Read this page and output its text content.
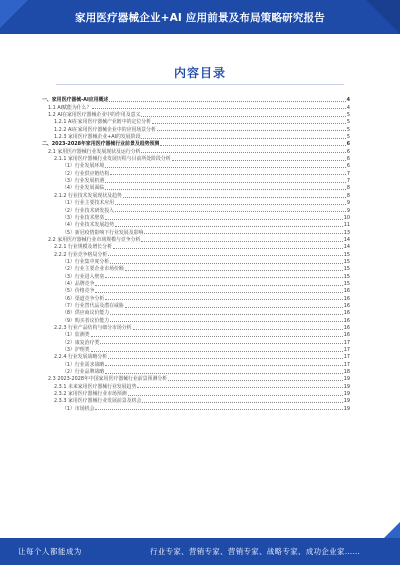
家用医疗器械企业+AI 应用前景及布局策略研究报告
内容目录
一、家用医疗器械-AI应用概述	4
1.1 AI赋能为什么？	4
1.2 AI在家用医疗器械企业中的作用及意义	5
1.2.1 AI在家用医疗器械产业链中的定位分析	5
1.2.2 AI在家用医疗器械企业中的应用场景分析	5
1.2.3 家用医疗器械企业+AI的发展阶段	5
二、2023-2028年家用医疗器械行业前景及趋势预测	6
2.1 家用医疗器械行业发展现状及运行分析	6
2.1.1 家用医疗器械行业发展历程与目前所处阶段分析	6
（1）行业发展环境	6
（2）行业供应链结构	7
（3）行业发展机遇	7
（4）行业发展面临	8
2.1.2 行业技术发展现状及趋势	8
（1）行业主要技术应用	9
（2）行业技术研发投入	9
（3）行业技术壁垒	10
（4）行业技术发展趋势	11
（5）新冠疫情影响下行业发展及影响	13
2.2 家用医疗器械行业市场规模与竞争分析	14
2.2.1 行业规模及增长分析	14
2.2.2 行业竞争格局分析	15
（1）行业集中度分析	15
（2）行业主要企业市场份额	15
（3）行业进入壁垒	15
（4）品牌竞争	15
（5）价格竞争	16
（6）渠道竞争分析	16
（7）行业替代品及潜在威胁	16
（8）供应商议价能力	16
（9）购买者议价能力	16
2.2.3 行业产品结构与细分市场分析	16
（1）监测类	16
（2）康复治疗类	17
（3）护理类	17
2.2.4 行业发展战略分析	17
（1）行业需求战略	17
（2）行业品牌战略	18
2.3 2023-2028年中国家用医疗器械行业前景预测分析	19
2.3.1 未来家用医疗器械行业发展趋势	19
2.3.2 家用医疗器械行业市场预测	19
2.3.3 家用医疗器械行业发展前景及机会	19
（1）市场机会	19
让每个人都能成为	行业专家、营销专家、营销专家、战略专家、成功企业家……
